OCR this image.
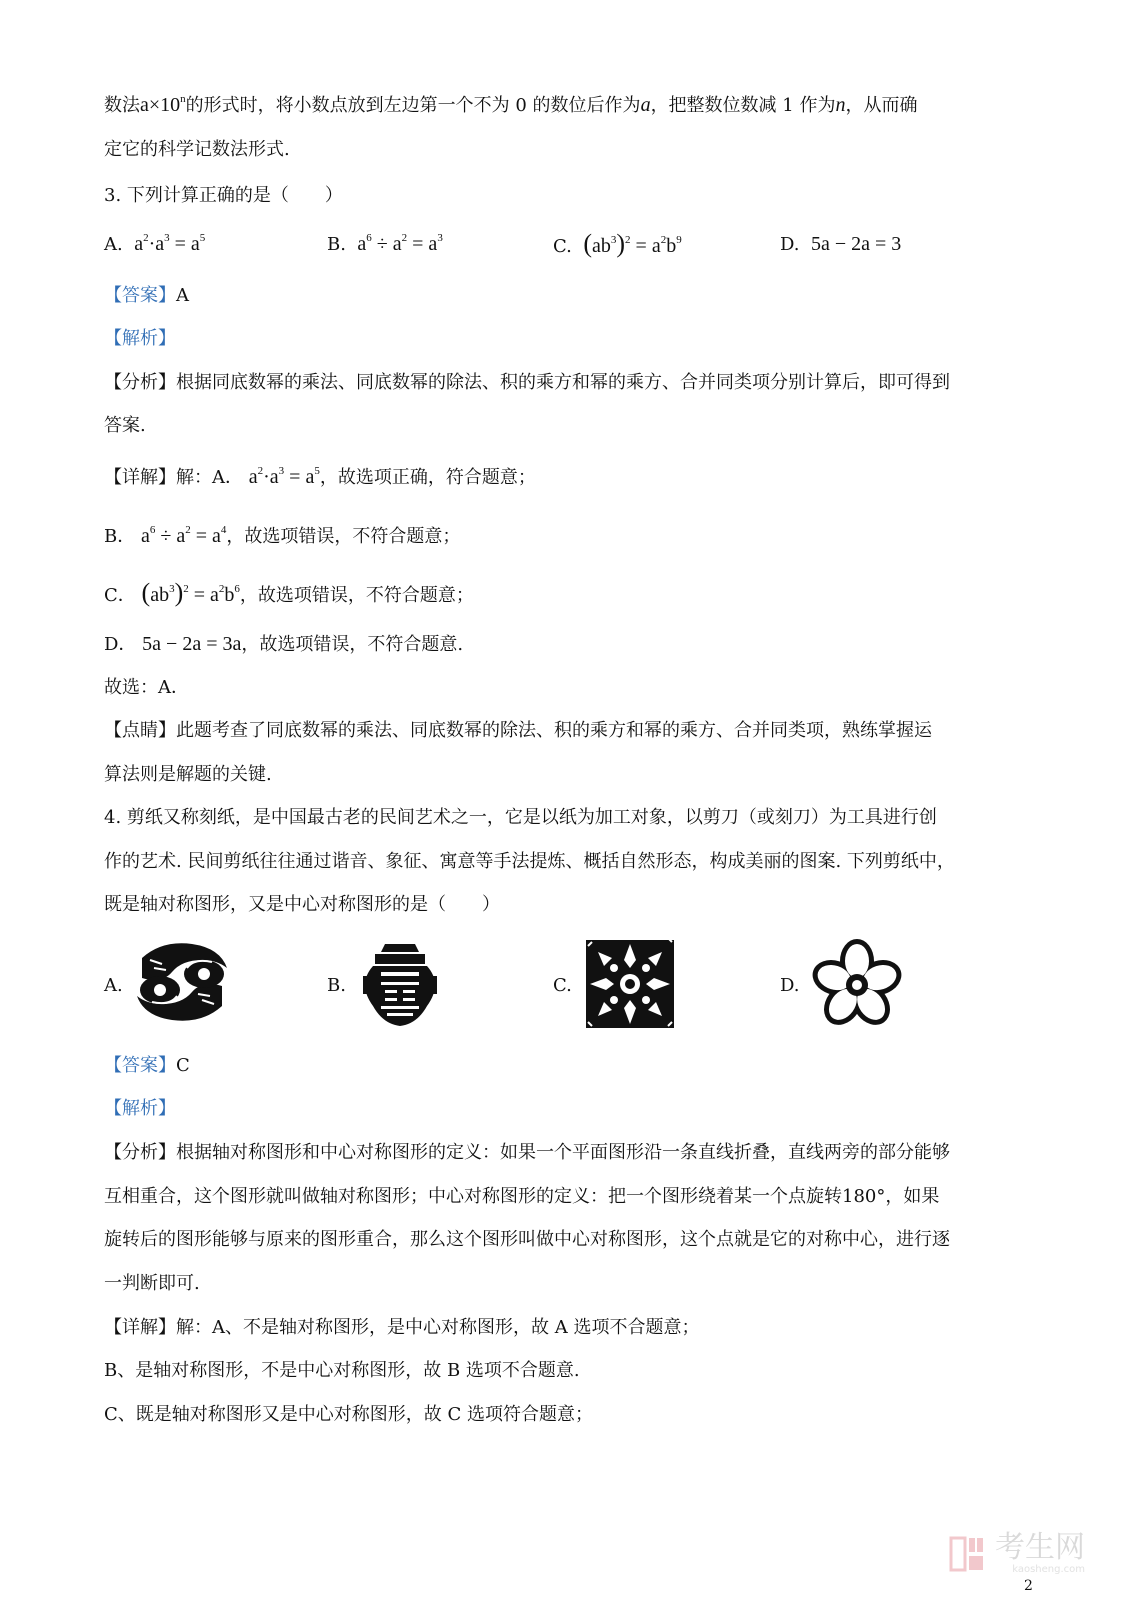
数法$a\times 10^n$的形式时，将小数点放到左边第一个不为 0 的数位后作为a，把整数位数减 1 作为n，从而确
定它的科学记数法形式.
3. 下列计算正确的是（　　）
A. $a^2\cdot a^3 = a^5$	B. $a^6 \div a^2 = a^3$	C. $(ab^3)^2 = a^2b^9$	D. 5a − 2a = 3
【答案】A
【解析】
【分析】根据同底数幂的乘法、同底数幂的除法、积的乘方和幂的乘方、合并同类项分别计算后，即可得到
答案.
【详解】解：A． $a^2\cdot a^3 = a^5$，故选项正确，符合题意；
B． $a^6 \div a^2 = a^4$，故选项错误，不符合题意；
C． $(ab^3)^2 = a^2b^6$，故选项错误，不符合题意；
D． 5a − 2a = 3a，故选项错误，不符合题意.
故选：A．
【点睛】此题考查了同底数幂的乘法、同底数幂的除法、积的乘方和幂的乘方、合并同类项，熟练掌握运
算法则是解题的关键.
4. 剪纸又称刻纸，是中国最古老的民间艺术之一，它是以纸为加工对象，以剪刀（或刻刀）为工具进行创
作的艺术. 民间剪纸往往通过谐音、象征、寓意等手法提炼、概括自然形态，构成美丽的图案. 下列剪纸中，
既是轴对称图形，又是中心对称图形的是（　　）
A.	B.	C.	D.
【答案】C
【解析】
【分析】根据轴对称图形和中心对称图形的定义：如果一个平面图形沿一条直线折叠，直线两旁的部分能够
互相重合，这个图形就叫做轴对称图形；中心对称图形的定义：把一个图形绕着某一个点旋转180°，如果
旋转后的图形能够与原来的图形重合，那么这个图形叫做中心对称图形，这个点就是它的对称中心，进行逐
一判断即可.
【详解】解：A、不是轴对称图形，是中心对称图形，故 A 选项不合题意；
B、是轴对称图形，不是中心对称图形，故 B 选项不合题意.
C、既是轴对称图形又是中心对称图形，故 C 选项符合题意；
考生网
kaosheng.com
2
